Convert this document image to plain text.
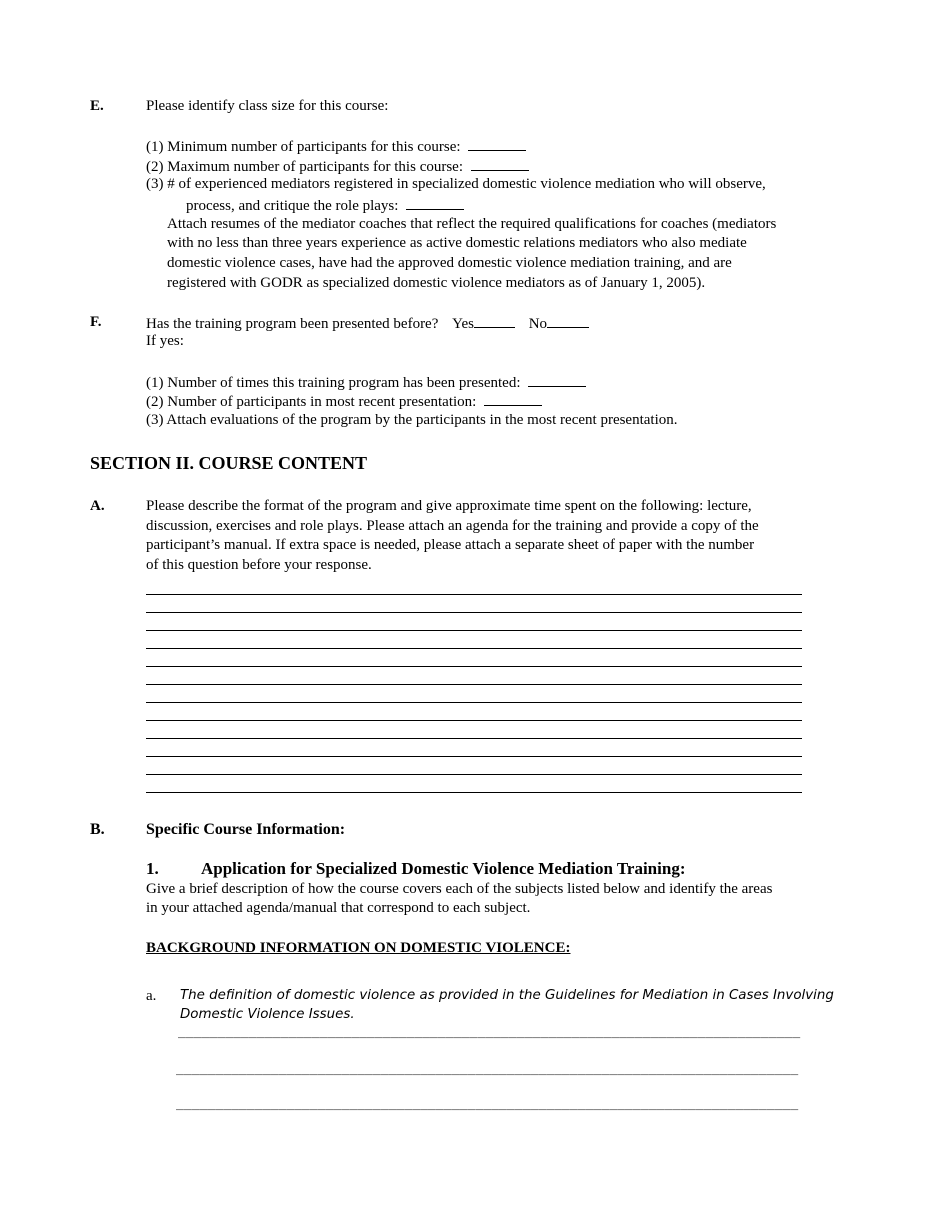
E.	Please identify class size for this course:
(1) Minimum number of participants for this course:
(2) Maximum number of participants for this course:
(3) # of experienced mediators registered in specialized domestic violence mediation who will observe,
process, and critique the role plays:
Attach resumes of the mediator coaches that reflect the required qualifications for coaches (mediators
with no less than three years experience as active domestic relations mediators who also mediate
domestic violence cases, have had the approved domestic violence mediation training, and are
registered with GODR as specialized domestic violence mediators as of January 1, 2005).
F.	Has the training program been presented before? Yes	No
If yes:
(1) Number of times this training program has been presented:
(2) Number of participants in most recent presentation:
(3) Attach evaluations of the program by the participants in the most recent presentation.
SECTION II. COURSE CONTENT
A.	Please describe the format of the program and give approximate time spent on the following: lecture,
discussion, exercises and role plays. Please attach an agenda for the training and provide a copy of the
participant’s manual. If extra space is needed, please attach a separate sheet of paper with the number
of this question before your response.
B.	Specific Course Information:
1. Application for Specialized Domestic Violence Mediation Training:
Give a brief description of how the course covers each of the subjects listed below and identify the areas
in your attached agenda/manual that correspond to each subject.
BACKGROUND INFORMATION ON DOMESTIC VIOLENCE:
a. The definition of domestic violence as provided in the Guidelines for Mediation in Cases Involving
Domestic Violence Issues.
_______________________________________________________________________________
_______________________________________________________________________________
_______________________________________________________________________________
